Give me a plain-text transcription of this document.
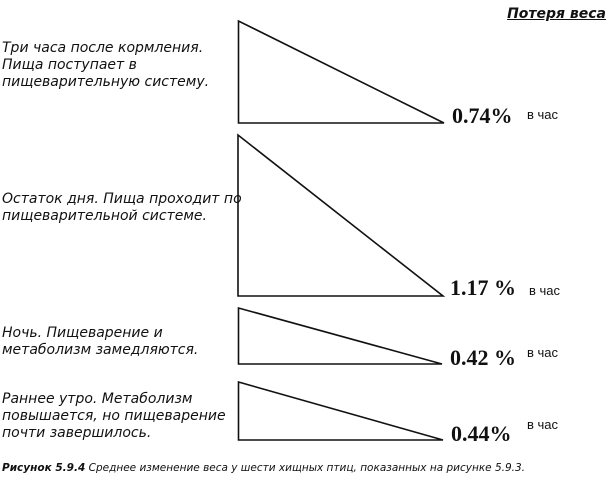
Потеря веса
Три часа после кормления.
Пища поступает в
пищеварительную систему.
0.74% в час
Остаток дня. Пища проходит по
пищеварительной системе.
1.17 % в час
Ночь. Пищеварение и
метаболизм замедляются.	0.42 % в час
Раннее утро. Метаболизм
повышается, но пищеварение
почти завершилось.	0.44% в час
Рисунок 5.9.4 Среднее изменение веса у шести хищных птиц, показанных на рисунке 5.9.3.
